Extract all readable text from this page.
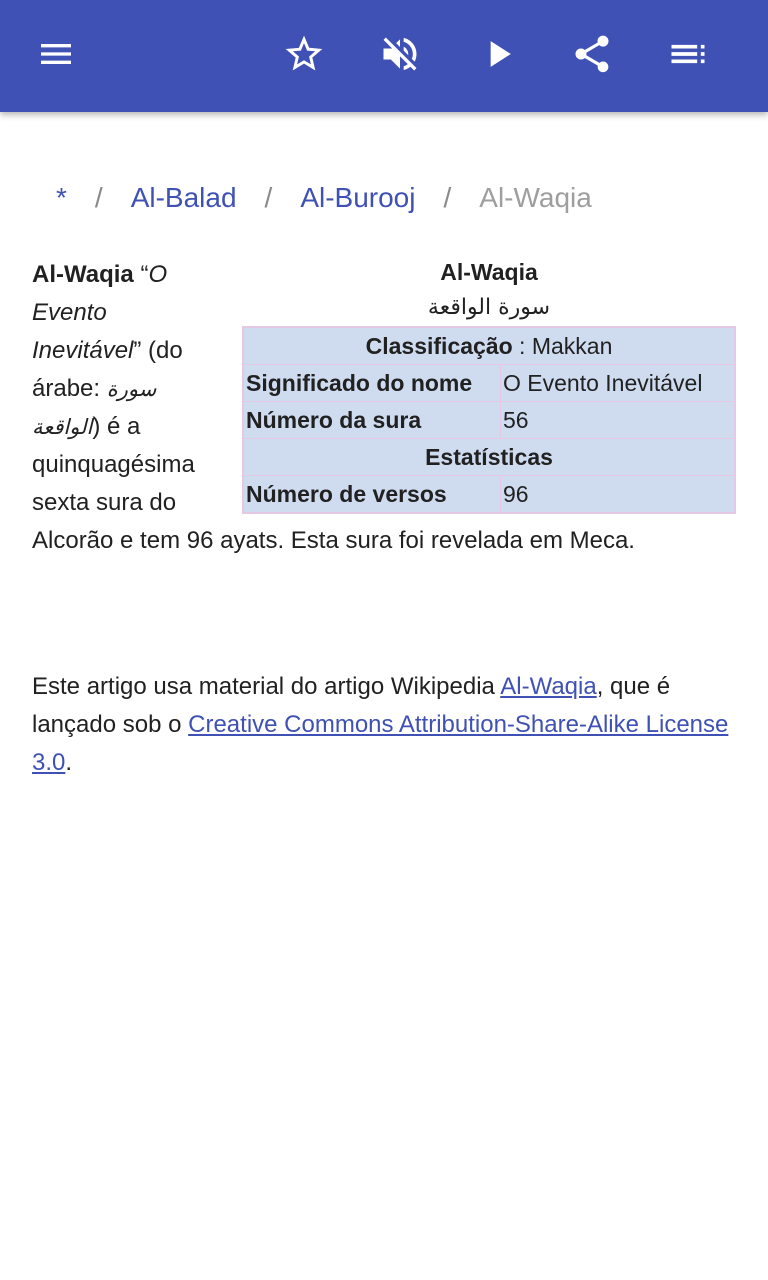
* / Al-Balad / Al-Burooj / Al-Waqia
Al-Waqia
سورة الواقعة
Classificação : Makkan	
Significado do nome	O Evento Inevitável
Número da sura	56
Estatísticas	
Número de versos	96

Al-Waqia “O Evento Inevitável” (do árabe: سورة الواقعة) é a quinquagésima sexta sura do Alcorão e tem 96 ayats. Esta sura foi revelada em Meca.

Este artigo usa material do artigo Wikipedia Al-Waqia, que é lançado sob o Creative Commons Attribution-Share-Alike License 3.0.
